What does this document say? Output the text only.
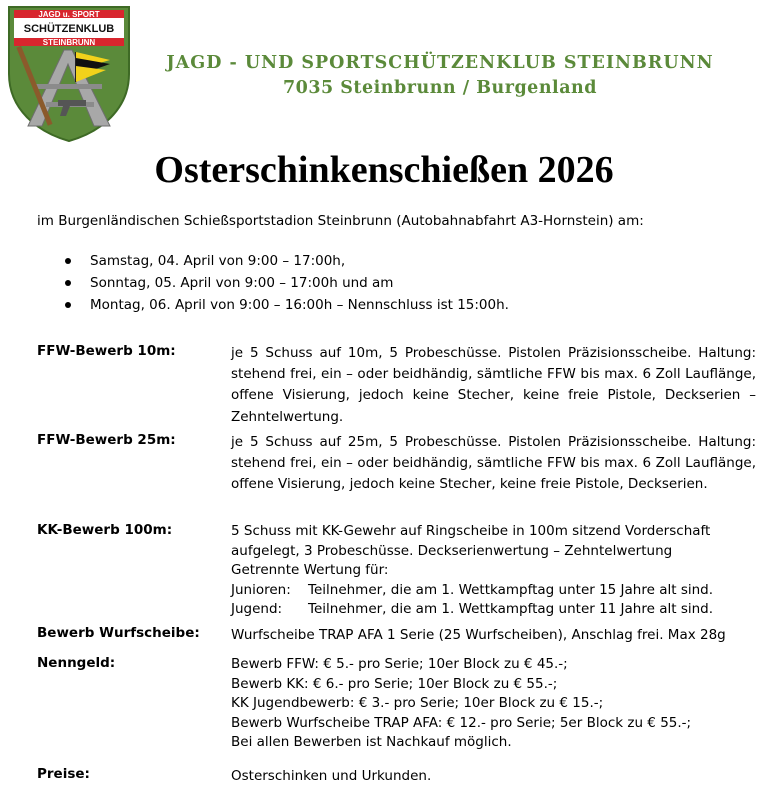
JAGD u. SPORT
SCHÜTZENKLUB
STEINBRUNN
JAGD - UND SPORTSCHÜTZENKLUB STEINBRUNN
7035 Steinbrunn / Burgenland
Osterschinkenschießen 2026
im Burgenländischen Schießsportstadion Steinbrunn (Autobahnabfahrt A3-Hornstein) am:
Samstag, 04. April von 9:00 – 17:00h,
Sonntag, 05. April von 9:00 – 17:00h und am
Montag, 06. April von 9:00 – 16:00h – Nennschluss ist 15:00h.
FFW-Bewerb 10m:	je 5 Schuss auf 10m, 5 Probeschüsse. Pistolen Präzisionsscheibe. Haltung: stehend frei, ein – oder beidhändig, sämtliche FFW bis max. 6 Zoll Lauflänge, offene Visierung, jedoch keine Stecher, keine freie Pistole, Deckserien – Zehntelwertung.
FFW-Bewerb 25m:	je 5 Schuss auf 25m, 5 Probeschüsse. Pistolen Präzisionsscheibe. Haltung: stehend frei, ein – oder beidhändig, sämtliche FFW bis max. 6 Zoll Lauflänge, offene Visierung, jedoch keine Stecher, keine freie Pistole, Deckserien.
KK-Bewerb 100m:	5 Schuss mit KK-Gewehr auf Ringscheibe in 100m sitzend Vorderschaft
aufgelegt, 3 Probeschüsse. Deckserienwertung – Zehntelwertung
Getrennte Wertung für:
Junioren: Teilnehmer, die am 1. Wettkampftag unter 15 Jahre alt sind.
Jugend: Teilnehmer, die am 1. Wettkampftag unter 11 Jahre alt sind.
Bewerb Wurfscheibe: Wurfscheibe TRAP AFA 1 Serie (25 Wurfscheiben), Anschlag frei. Max 28g
Nenngeld:	Bewerb FFW: € 5.- pro Serie; 10er Block zu € 45.-;
Bewerb KK: € 6.- pro Serie; 10er Block zu € 55.-;
KK Jugendbewerb: € 3.- pro Serie; 10er Block zu € 15.-;
Bewerb Wurfscheibe TRAP AFA: € 12.- pro Serie; 5er Block zu € 55.-;
Bei allen Bewerben ist Nachkauf möglich.
Preise:	Osterschinken und Urkunden.
